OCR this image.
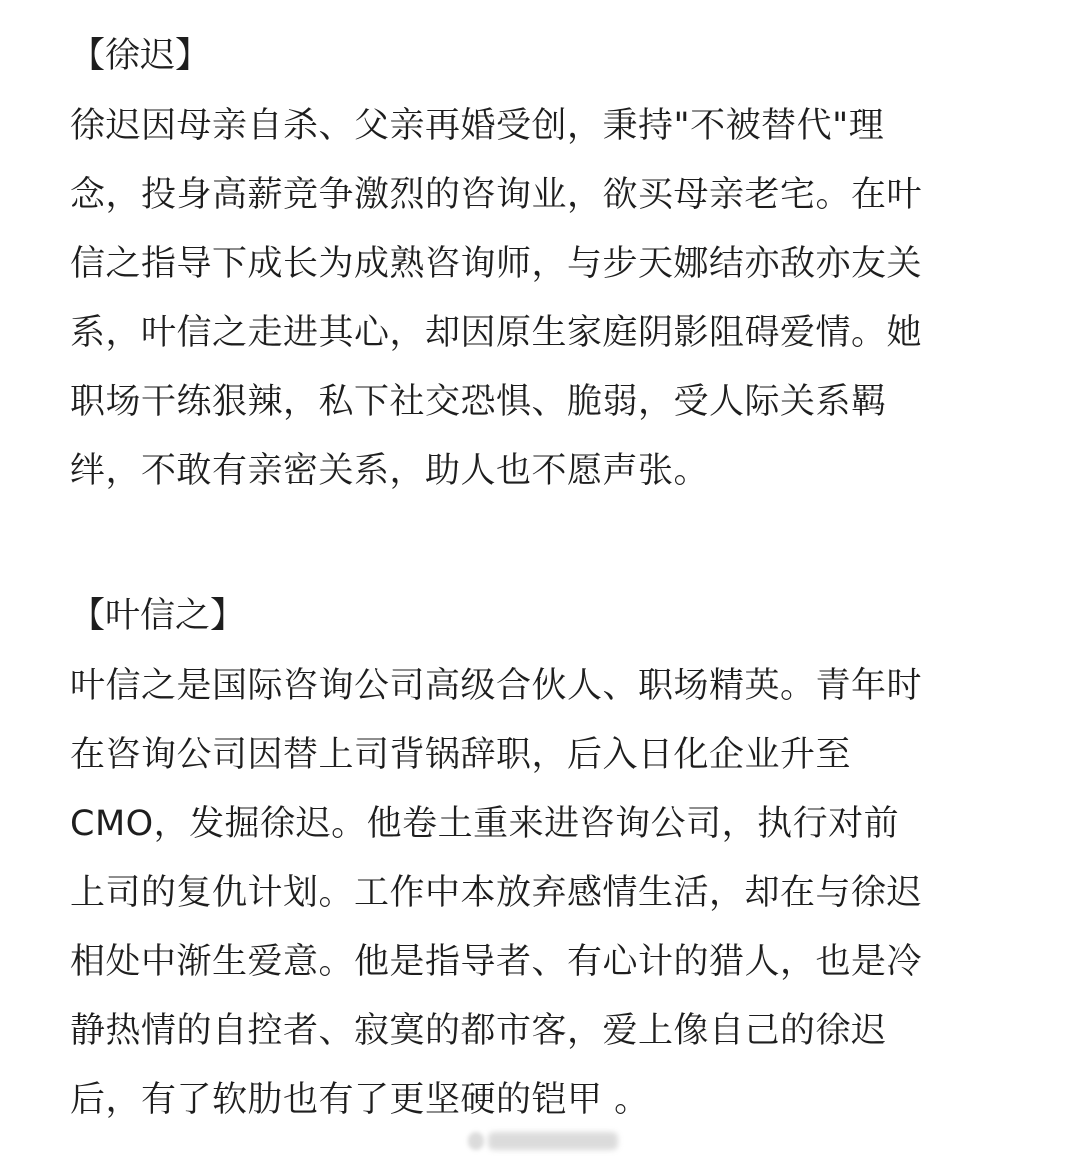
【徐迟】
徐迟因母亲自杀、父亲再婚受创，秉持"不被替代"理
念，投身高薪竞争激烈的咨询业，欲买母亲老宅。在叶
信之指导下成长为成熟咨询师，与步天娜结亦敌亦友关
系，叶信之走进其心，却因原生家庭阴影阻碍爱情。她
职场干练狠辣，私下社交恐惧、脆弱，受人际关系羁
绊，不敢有亲密关系，助人也不愿声张。
【叶信之】
叶信之是国际咨询公司高级合伙人、职场精英。青年时
在咨询公司因替上司背锅辞职，后入日化企业升至
CMO，发掘徐迟。他卷土重来进咨询公司，执行对前
上司的复仇计划。工作中本放弃感情生活，却在与徐迟
相处中渐生爱意。他是指导者、有心计的猎人，也是冷
静热情的自控者、寂寞的都市客，爱上像自己的徐迟
后，有了软肋也有了更坚硬的铠甲 。
